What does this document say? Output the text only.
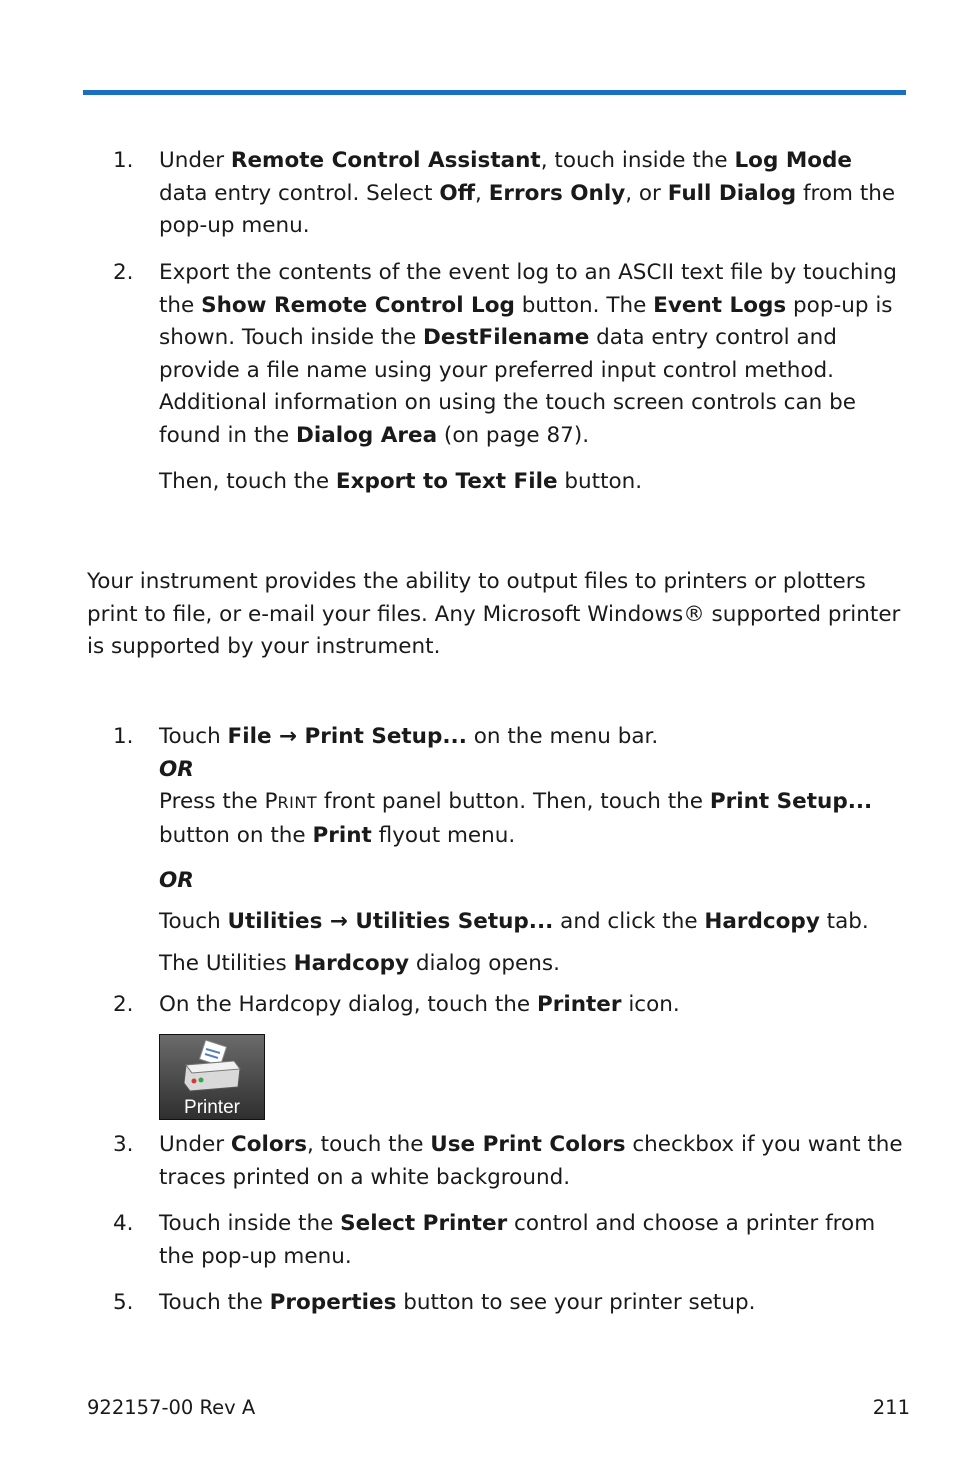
1. Under Remote Control Assistant, touch inside the Log Mode data entry control. Select Off, Errors Only, or Full Dialog from the pop-up menu.

2. Export the contents of the event log to an ASCII text file by touching the Show Remote Control Log button. The Event Logs pop-up is shown. Touch inside the DestFilename data entry control and provide a file name using your preferred input control method. Additional information on using the touch screen controls can be found in the Dialog Area (on page 87).

Then, touch the Export to Text File button.

Your instrument provides the ability to output files to printers or plotters print to file, or e-mail your files. Any Microsoft Windows® supported printer is supported by your instrument.

1. Touch File → Print Setup... on the menu bar.
OR
Press the PRINT front panel button. Then, touch the Print Setup... button on the Print flyout menu.

OR

Touch Utilities → Utilities Setup... and click the Hardcopy tab.

The Utilities Hardcopy dialog opens.

2. On the Hardcopy dialog, touch the Printer icon.

Printer
3. Under Colors, touch the Use Print Colors checkbox if you want the traces printed on a white background.

4. Touch inside the Select Printer control and choose a printer from the pop-up menu.

5. Touch the Properties button to see your printer setup.

922157-00 Rev A	211
